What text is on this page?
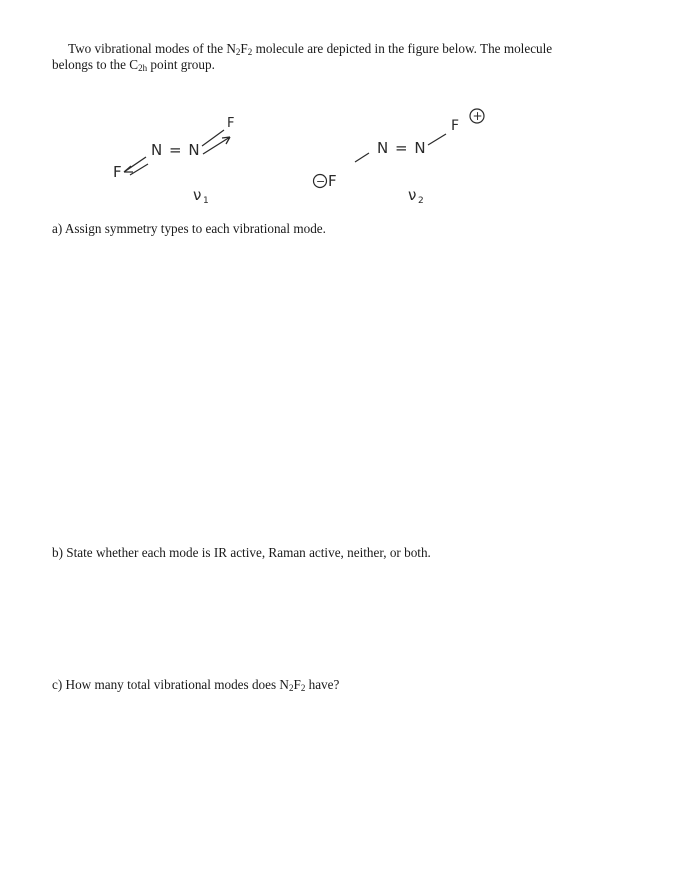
Two vibrational modes of the $N_2F_2$ molecule are depicted in the figure below. The molecule
belongs to the $C_{2h}$ point group.
F
N = N
F
ν 1
− F
N = N
F
+
ν 2
a) Assign symmetry types to each vibrational mode.
b) State whether each mode is IR active, Raman active, neither, or both.
c) How many total vibrational modes does $N_2F_2$ have?
